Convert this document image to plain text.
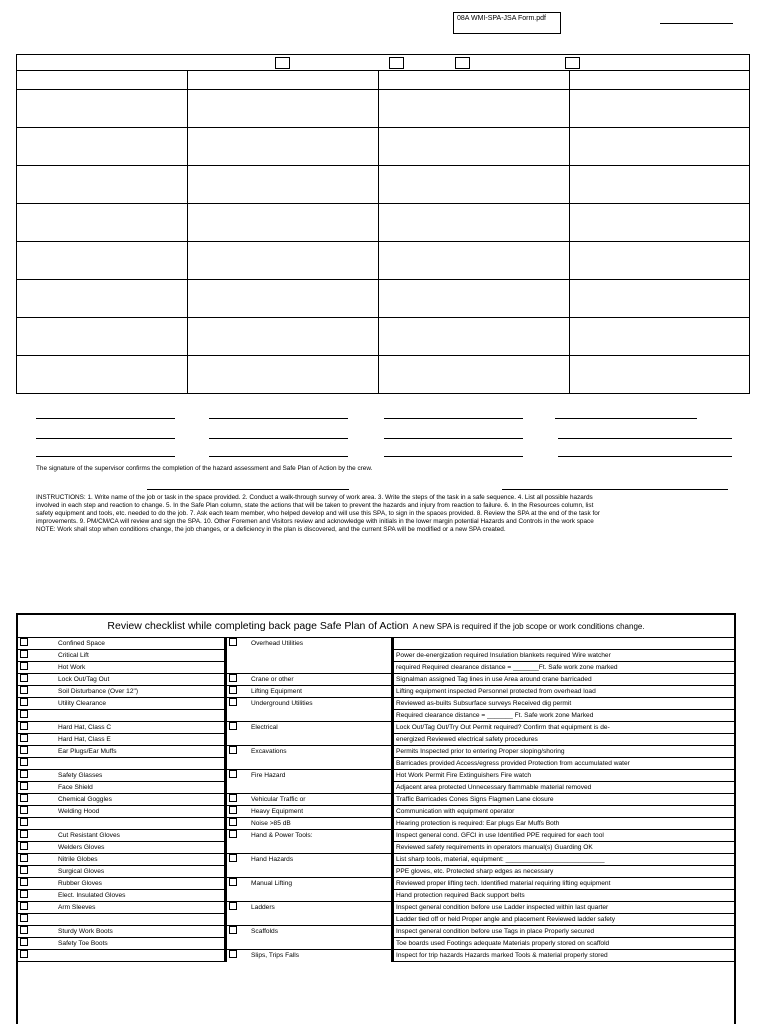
08A WMI-SPA-JSA Form.pdf

The signature of the supervisor confirms the completion of the hazard assessment and Safe Plan of Action by the crew.
INSTRUCTIONS: 1. Write name of the job or task in the space provided. 2. Conduct a walk-through survey of work area. 3. Write the steps of the task in a safe sequence. 4. List all possible hazards
involved in each step and reaction to change. 5. In the Safe Plan column, state the actions that will be taken to prevent the hazards and injury from reaction to failure. 6. In the Resources column, list
safety equipment and tools, etc. needed to do the job. 7. Ask each team member, who helped develop and will use this SPA, to sign in the spaces provided. 8. Review the SPA at the end of the task for
improvements. 9. PM/CM/CA will review and sign the SPA. 10. Other Foremen and Visitors review and acknowledge with initials in the lower margin potential Hazards and Controls in the work space
NOTE: Work shall stop when conditions change, the job changes, or a deficiency in the plan is discovered, and the current SPA will be modified or a new SPA created.
Review checklist while completing back page Safe Plan of Action A new SPA is required if the job scope or work conditions change.
Confined Space	Overhead Utilities	
Critical Lift		Power de-energization required Insulation blankets required Wire watcher
Hot Work		required Required clearance distance = _______Ft. Safe work zone marked
Lock Out/Tag Out	Crane or other	Signalman assigned Tag lines in use Area around crane barricaded
Soil Disturbance (Over 12")	Lifting Equipment	Lifting equipment inspected Personnel protected from overhead load
Utility Clearance	Underground Utilities	Reviewed as-builts Subsurface surveys Received dig permit
		Required clearance distance = _______ Ft. Safe work zone Marked
Hard Hat, Class C	Electrical	Lock Out/Tag Out/Try Out Permit required? Confirm that equipment is de-
Hard Hat, Class E		energized Reviewed electrical safety procedures
Ear Plugs/Ear Muffs	Excavations	Permits Inspected prior to entering Proper sloping/shoring
		Barricades provided Access/egress provided Protection from accumulated water
Safety Glasses	Fire Hazard	Hot Work Permit Fire Extinguishers Fire watch
Face Shield		Adjacent area protected Unnecessary flammable material removed
Chemical Goggles	Vehicular Traffic or	Traffic Barricades Cones Signs Flagmen Lane closure
Welding Hood	Heavy Equipment	Communication with equipment operator
	Noise >85 dB	Hearing protection is required: Ear plugs Ear Muffs Both
Cut Resistant Gloves	Hand & Power Tools:	Inspect general cond. GFCI in use Identified PPE required for each tool
Welders Gloves		Reviewed safety requirements in operators manual(s) Guarding OK
Nitrile Globes	Hand Hazards	List sharp tools, material, equipment: ___________________________
Surgical Gloves		PPE gloves, etc. Protected sharp edges as necessary
Rubber Gloves	Manual Lifting	Reviewed proper lifting tech. Identified material requiring lifting equipment
Elect. Insulated Gloves		Hand protection required Back support belts
Arm Sleeves	Ladders	Inspect general condition before use Ladder inspected within last quarter
		Ladder tied off or held Proper angle and placement Reviewed ladder safety
Sturdy Work Boots	Scaffolds	Inspect general condition before use Tags in place Properly secured
Safety Toe Boots		Toe boards used Footings adequate Materials properly stored on scaffold
	Slips, Trips Falls	Inspect for trip hazards Hazards marked Tools & material properly stored
